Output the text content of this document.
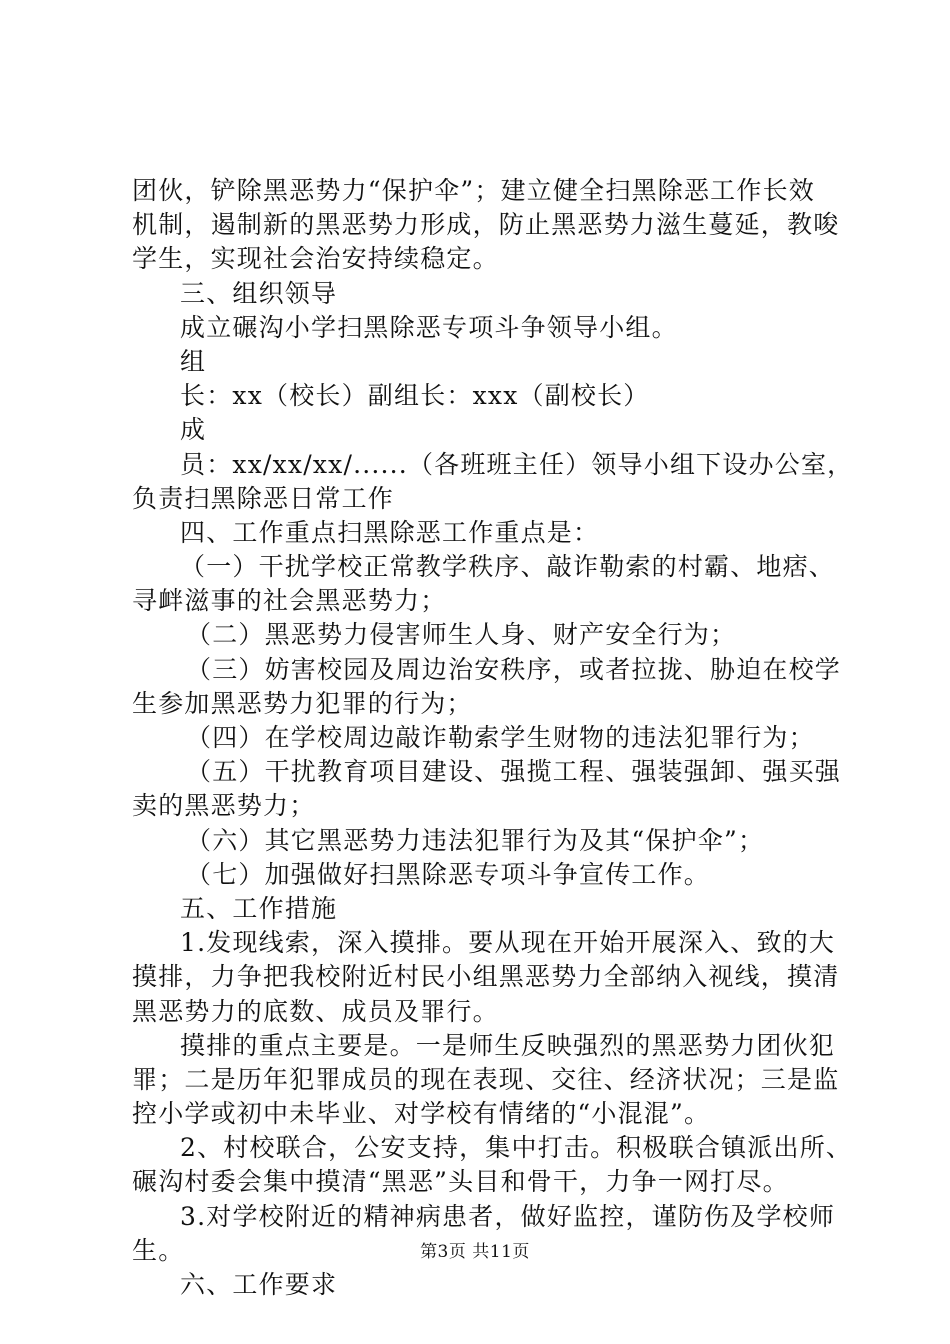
团伙，铲除黑恶势力“保护伞”；建立健全扫黑除恶工作长效
机制，遏制新的黑恶势力形成，防止黑恶势力滋生蔓延，教唆
学生，实现社会治安持续稳定。
三、组织领导
成立碾沟小学扫黑除恶专项斗争领导小组。
组
长：xx（校长）副组长：xxx（副校长）
成
员：xx/xx/xx/......（各班班主任）领导小组下设办公室，
负责扫黑除恶日常工作
四、工作重点扫黑除恶工作重点是：
（一）干扰学校正常教学秩序、敲诈勒索的村霸、地痞、
寻衅滋事的社会黑恶势力；
（二）黑恶势力侵害师生人身、财产安全行为；
（三）妨害校园及周边治安秩序，或者拉拢、胁迫在校学
生参加黑恶势力犯罪的行为；
（四）在学校周边敲诈勒索学生财物的违法犯罪行为；
（五）干扰教育项目建设、强揽工程、强装强卸、强买强
卖的黑恶势力；
（六）其它黑恶势力违法犯罪行为及其“保护伞”；
（七）加强做好扫黑除恶专项斗争宣传工作。
五、工作措施
1.发现线索，深入摸排。要从现在开始开展深入、致的大
摸排，力争把我校附近村民小组黑恶势力全部纳入视线，摸清
黑恶势力的底数、成员及罪行。
摸排的重点主要是。一是师生反映强烈的黑恶势力团伙犯
罪；二是历年犯罪成员的现在表现、交往、经济状况；三是监
控小学或初中未毕业、对学校有情绪的“小混混”。
2、村校联合，公安支持，集中打击。积极联合镇派出所、
碾沟村委会集中摸清“黑恶”头目和骨干，力争一网打尽。
3.对学校附近的精神病患者，做好监控，谨防伤及学校师
生。
六、工作要求
第3页 共11页
